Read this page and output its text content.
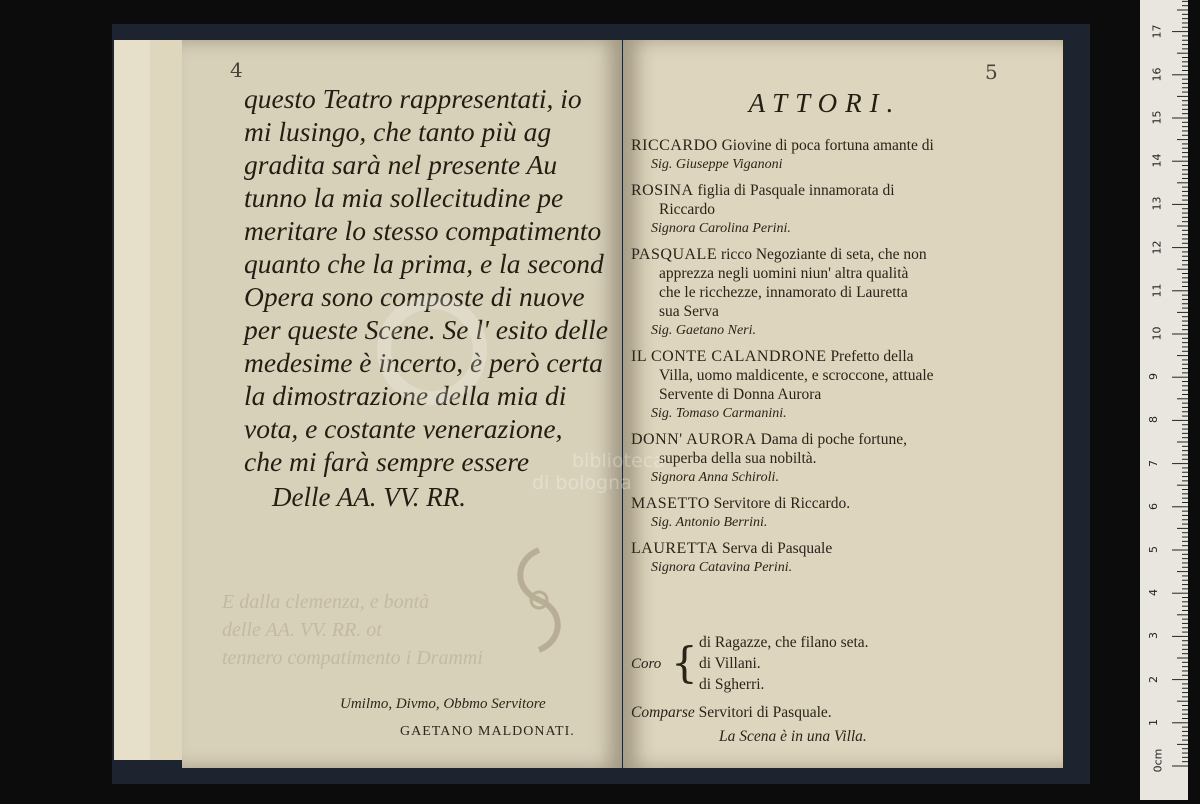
4
E dalla clemenza, e bontà
delle AA. VV. RR. ot
tennero compatimento i Drammi
questo Teatro rappresentati, io
mi lusingo, che tanto più ag
gradita sarà nel presente Au
tunno la mia sollecitudine pe
meritare lo stesso compatimento
quanto che la prima, e la second
Opera sono composte di nuove
per queste Scene. Se l' esito delle
medesime è incerto, è però certa
la dimostrazione della mia di
vota, e costante venerazione,
che mi farà sempre essere
Delle AA. VV. RR.
Umilmo, Divmo, Obbmo Servitore
GAETANO MALDONATI.
5
ATTORI.
RICCARDO Giovine di poca fortuna amante di
Sig. Giuseppe Viganoni
ROSINA figlia di Pasquale innamorata di
Riccardo
Signora Carolina Perini.
PASQUALE ricco Negoziante di seta, che non
apprezza negli uomini niun' altra qualità
che le ricchezze, innamorato di Lauretta
sua Serva
Sig. Gaetano Neri.
IL CONTE CALANDRONE Prefetto della
Villa, uomo maldicente, e scroccone, attuale
Servente di Donna Aurora
Sig. Tomaso Carmanini.
DONN' AURORA Dama di poche fortune,
superba della sua nobiltà.
Signora Anna Schiroli.
MASETTO Servitore di Riccardo.
Sig. Antonio Berrini.
LAURETTA Serva di Pasquale
Signora Catavina Perini.
Coro { di Ragazze, che filano seta.
di Villani.
di Sgherri.
Comparse Servitori di Pasquale.
La Scena è in una Villa.
biblioteca
di bologna
0cm
1
2
3
4
5
6
7
8
9
10
11
12
13
14
15
16
17
